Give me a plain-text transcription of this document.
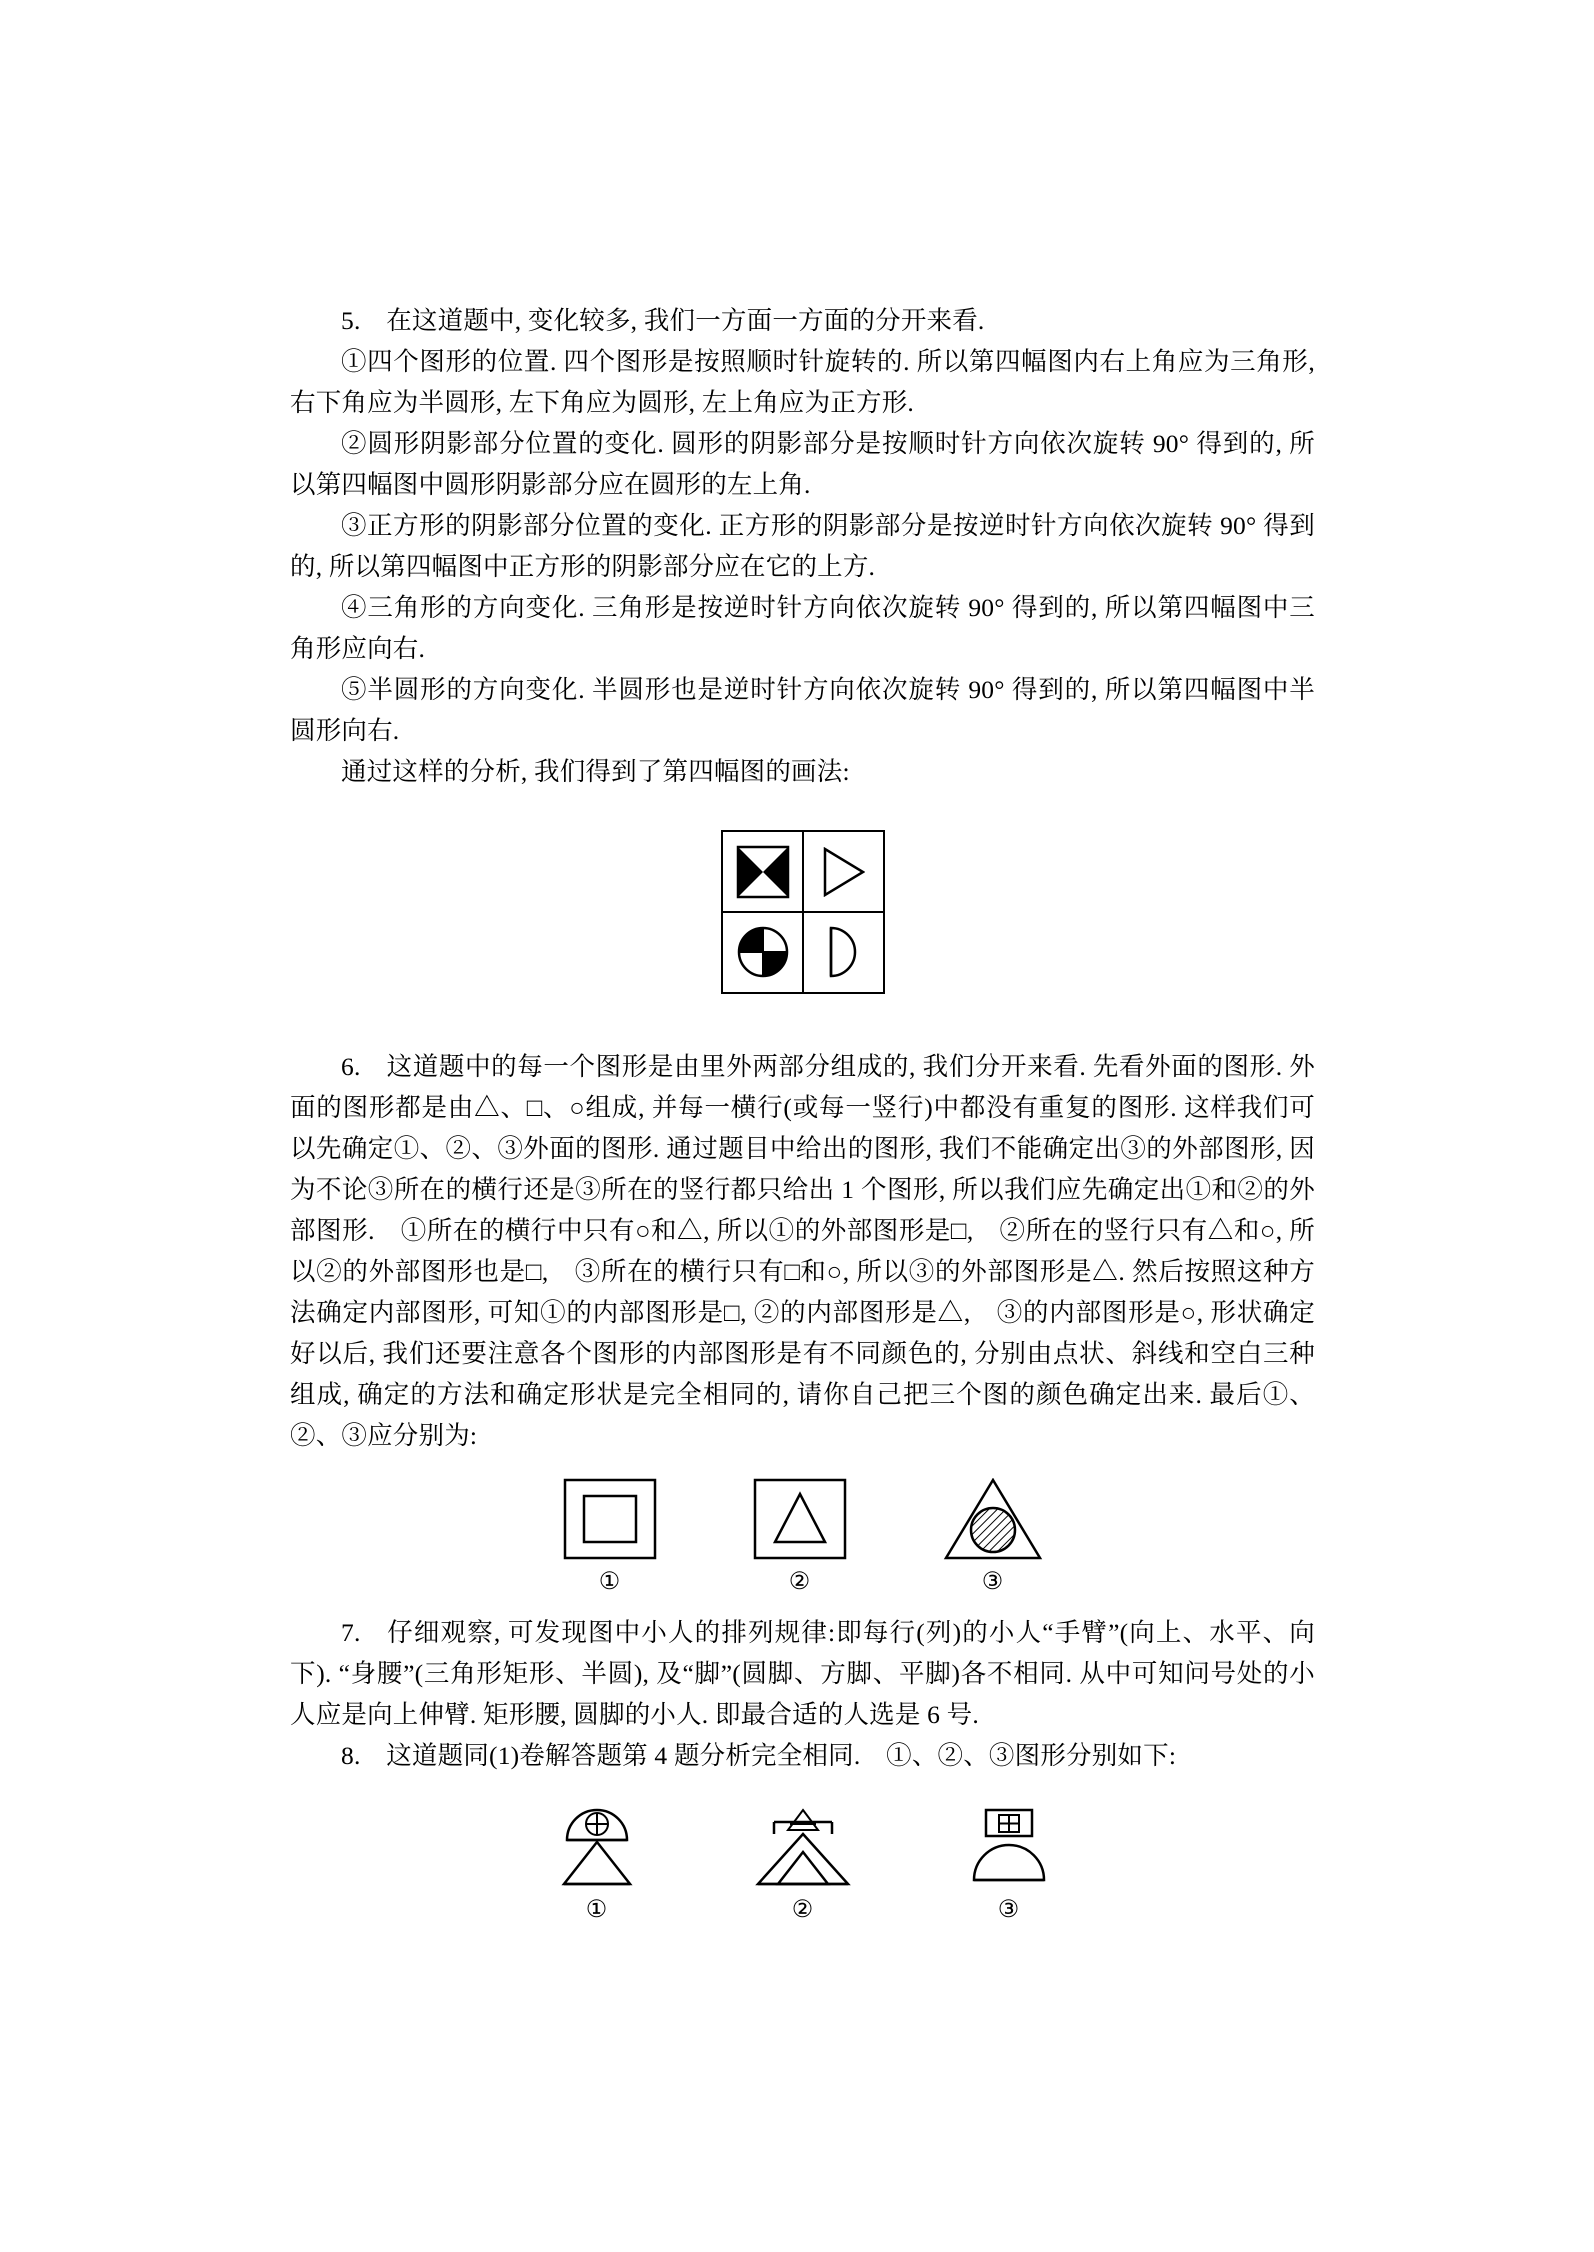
5. 在这道题中, 变化较多, 我们一方面一方面的分开来看.

①四个图形的位置. 四个图形是按照顺时针旋转的. 所以第四幅图内右上角应为三角形, 右下角应为半圆形, 左下角应为圆形, 左上角应为正方形.

②圆形阴影部分位置的变化. 圆形的阴影部分是按顺时针方向依次旋转 90° 得到的, 所以第四幅图中圆形阴影部分应在圆形的左上角.

③正方形的阴影部分位置的变化. 正方形的阴影部分是按逆时针方向依次旋转 90° 得到的, 所以第四幅图中正方形的阴影部分应在它的上方.

④三角形的方向变化. 三角形是按逆时针方向依次旋转 90° 得到的, 所以第四幅图中三角形应向右.

⑤半圆形的方向变化. 半圆形也是逆时针方向依次旋转 90° 得到的, 所以第四幅图中半圆形向右.

通过这样的分析, 我们得到了第四幅图的画法:

6. 这道题中的每一个图形是由里外两部分组成的, 我们分开来看. 先看外面的图形. 外面的图形都是由△、□、○组成, 并每一横行(或每一竖行)中都没有重复的图形. 这样我们可以先确定①、②、③外面的图形. 通过题目中给出的图形, 我们不能确定出③的外部图形, 因为不论③所在的横行还是③所在的竖行都只给出 1 个图形, 所以我们应先确定出①和②的外部图形. ①所在的横行中只有○和△, 所以①的外部图形是□, ②所在的竖行只有△和○, 所以②的外部图形也是□, ③所在的横行只有□和○, 所以③的外部图形是△. 然后按照这种方法确定内部图形, 可知①的内部图形是□, ②的内部图形是△, ③的内部图形是○, 形状确定好以后, 我们还要注意各个图形的内部图形是有不同颜色的, 分别由点状、斜线和空白三种组成, 确定的方法和确定形状是完全相同的, 请你自己把三个图的颜色确定出来. 最后①、②、③应分别为:

①	②	③

7. 仔细观察, 可发现图中小人的排列规律:即每行(列)的小人“手臂”(向上、水平、向下). “身腰”(三角形矩形、半圆), 及“脚”(圆脚、方脚、平脚)各不相同. 从中可知问号处的小人应是向上伸臂. 矩形腰, 圆脚的小人. 即最合适的人选是 6 号.

8. 这道题同(1)卷解答题第 4 题分析完全相同. ①、②、③图形分别如下:

①	②	③
